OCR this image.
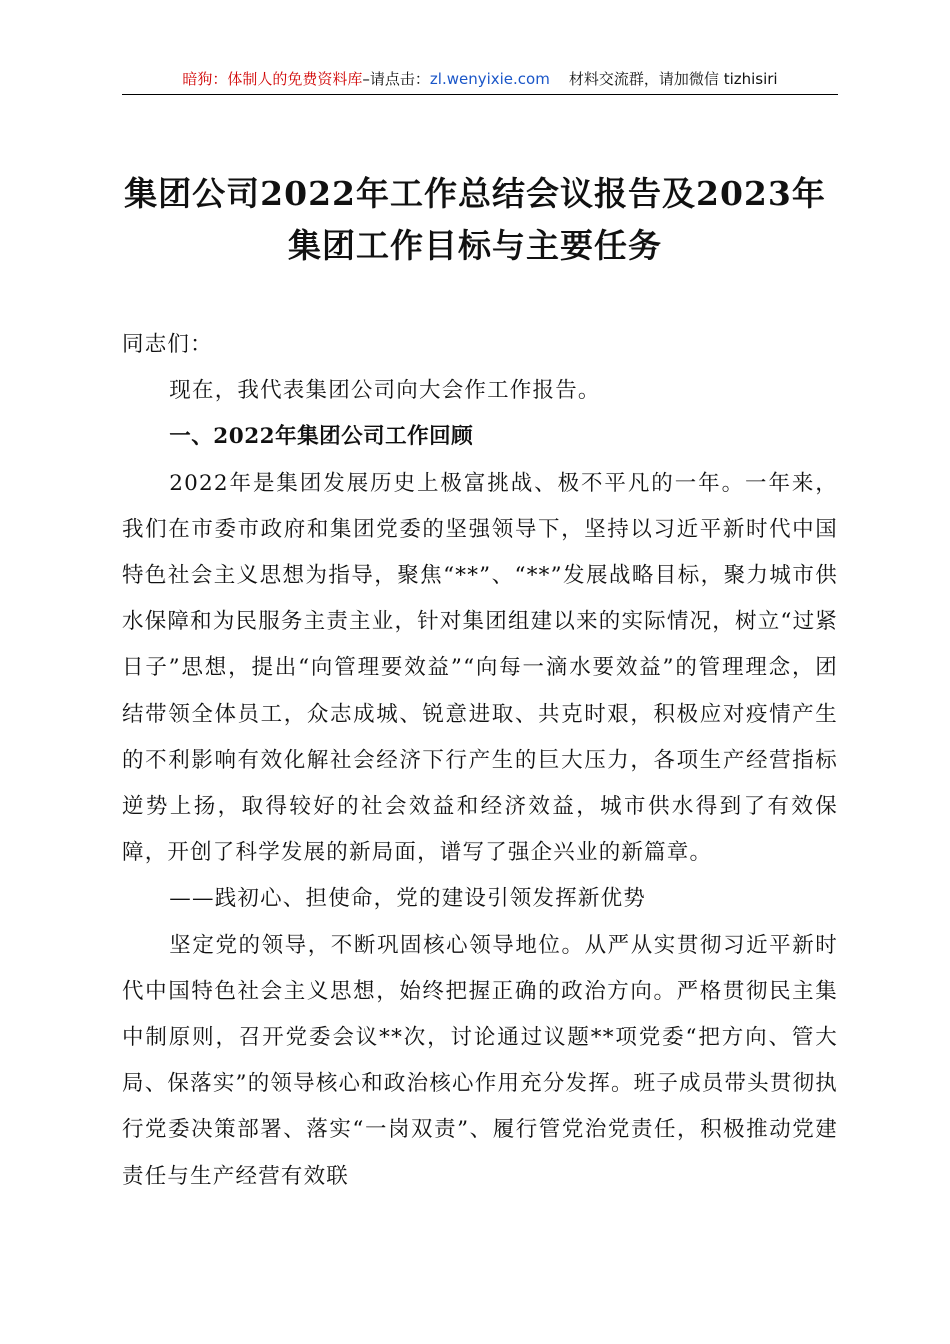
暗狗：体制人的免费资料库–请点击：zl.wenyixie.com 材料交流群，请加微信 tizhisiri
集团公司2022年工作总结会议报告及2023年
集团工作目标与主要任务

同志们：

现在，我代表集团公司向大会作工作报告。

一、2022年集团公司工作回顾

2022年是集团发展历史上极富挑战、极不平凡的一年。一年来，我们在市委市政府和集团党委的坚强领导下，坚持以习近平新时代中国特色社会主义思想为指导，聚焦“**”、“**”发展战略目标，聚力城市供水保障和为民服务主责主业，针对集团组建以来的实际情况，树立“过紧日子”思想，提出“向管理要效益”“向每一滴水要效益”的管理理念，团结带领全体员工，众志成城、锐意进取、共克时艰，积极应对疫情产生的不利影响有效化解社会经济下行产生的巨大压力，各项生产经营指标逆势上扬，取得较好的社会效益和经济效益，城市供水得到了有效保障，开创了科学发展的新局面，谱写了强企兴业的新篇章。

——践初心、担使命，党的建设引领发挥新优势

坚定党的领导，不断巩固核心领导地位。从严从实贯彻习近平新时代中国特色社会主义思想，始终把握正确的政治方向。严格贯彻民主集中制原则，召开党委会议**次，讨论通过议题**项党委“把方向、管大局、保落实”的领导核心和政治核心作用充分发挥。班子成员带头贯彻执行党委决策部署、落实“一岗双责”、履行管党治党责任，积极推动党建责任与生产经营有效联
